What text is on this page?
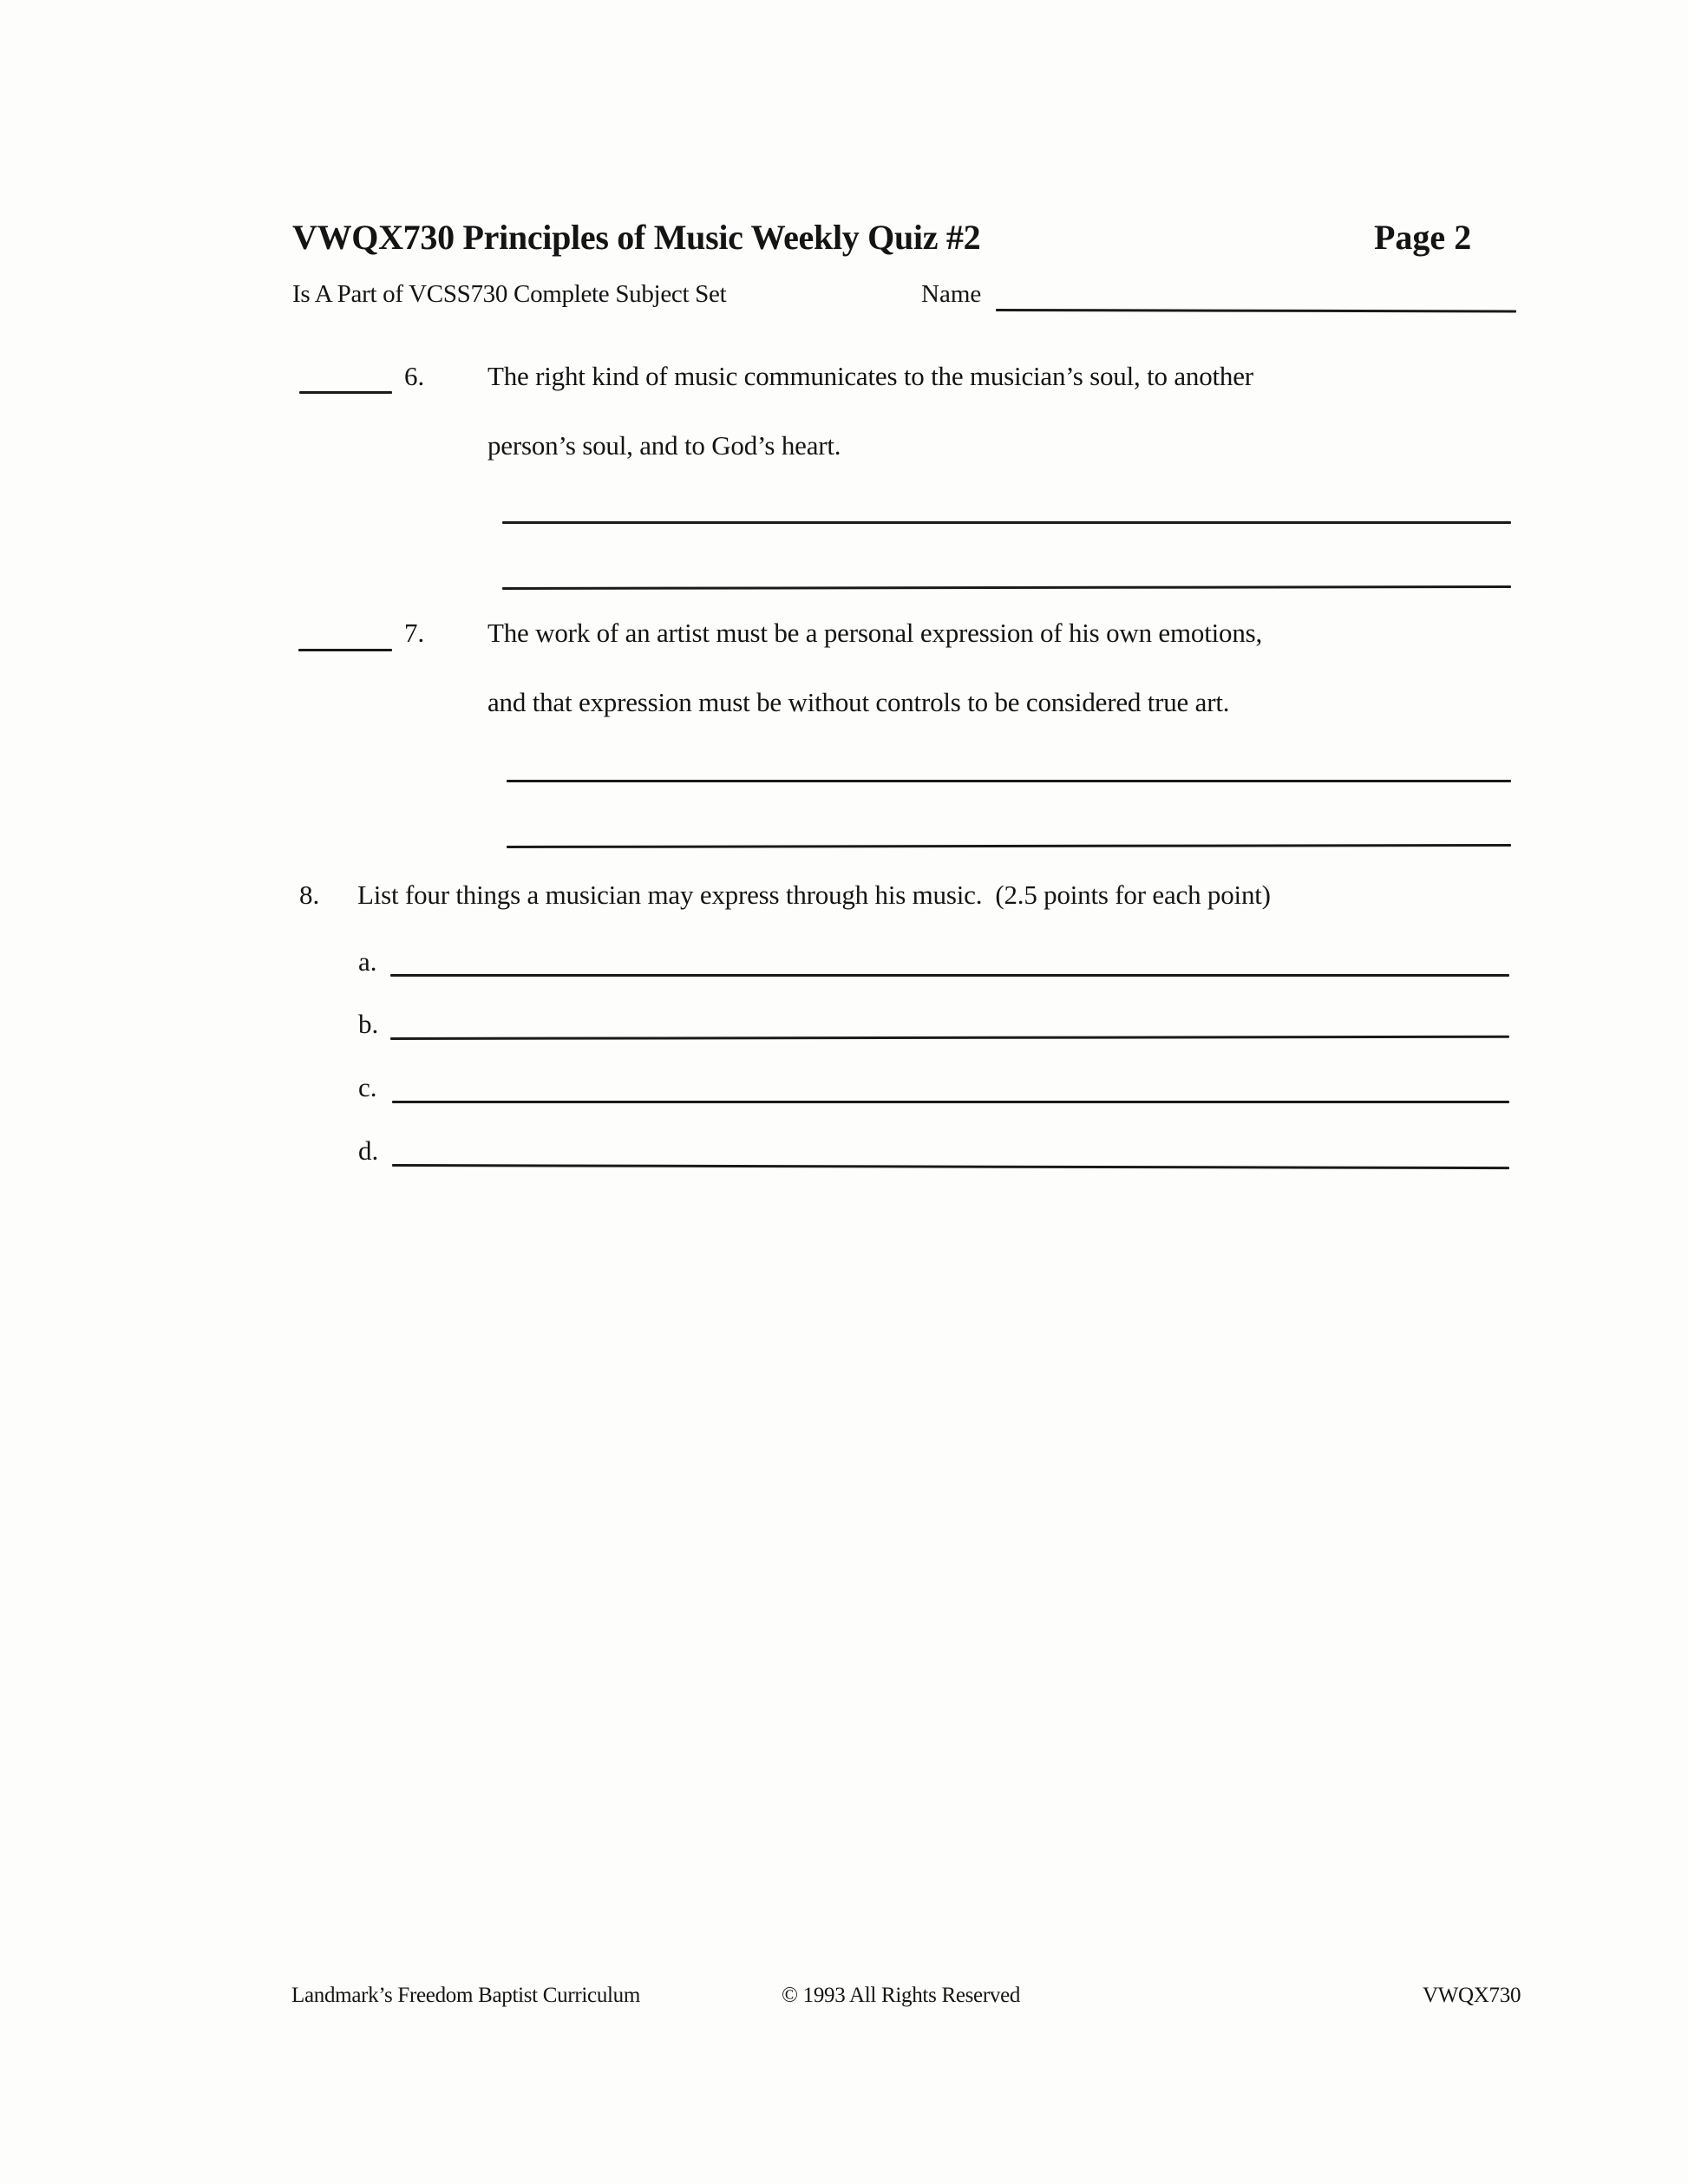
VWQX730 Principles of Music Weekly Quiz #2	Page 2
Is A Part of VCSS730 Complete Subject Set	Name
6. The right kind of music communicates to the musician’s soul, to another
person’s soul, and to God’s heart.
7. The work of an artist must be a personal expression of his own emotions,
and that expression must be without controls to be considered true art.
8. List four things a musician may express through his music.  (2.5 points for each point)
a.
b.
c.
d.
Landmark’s Freedom Baptist Curriculum	© 1993 All Rights Reserved	VWQX730
